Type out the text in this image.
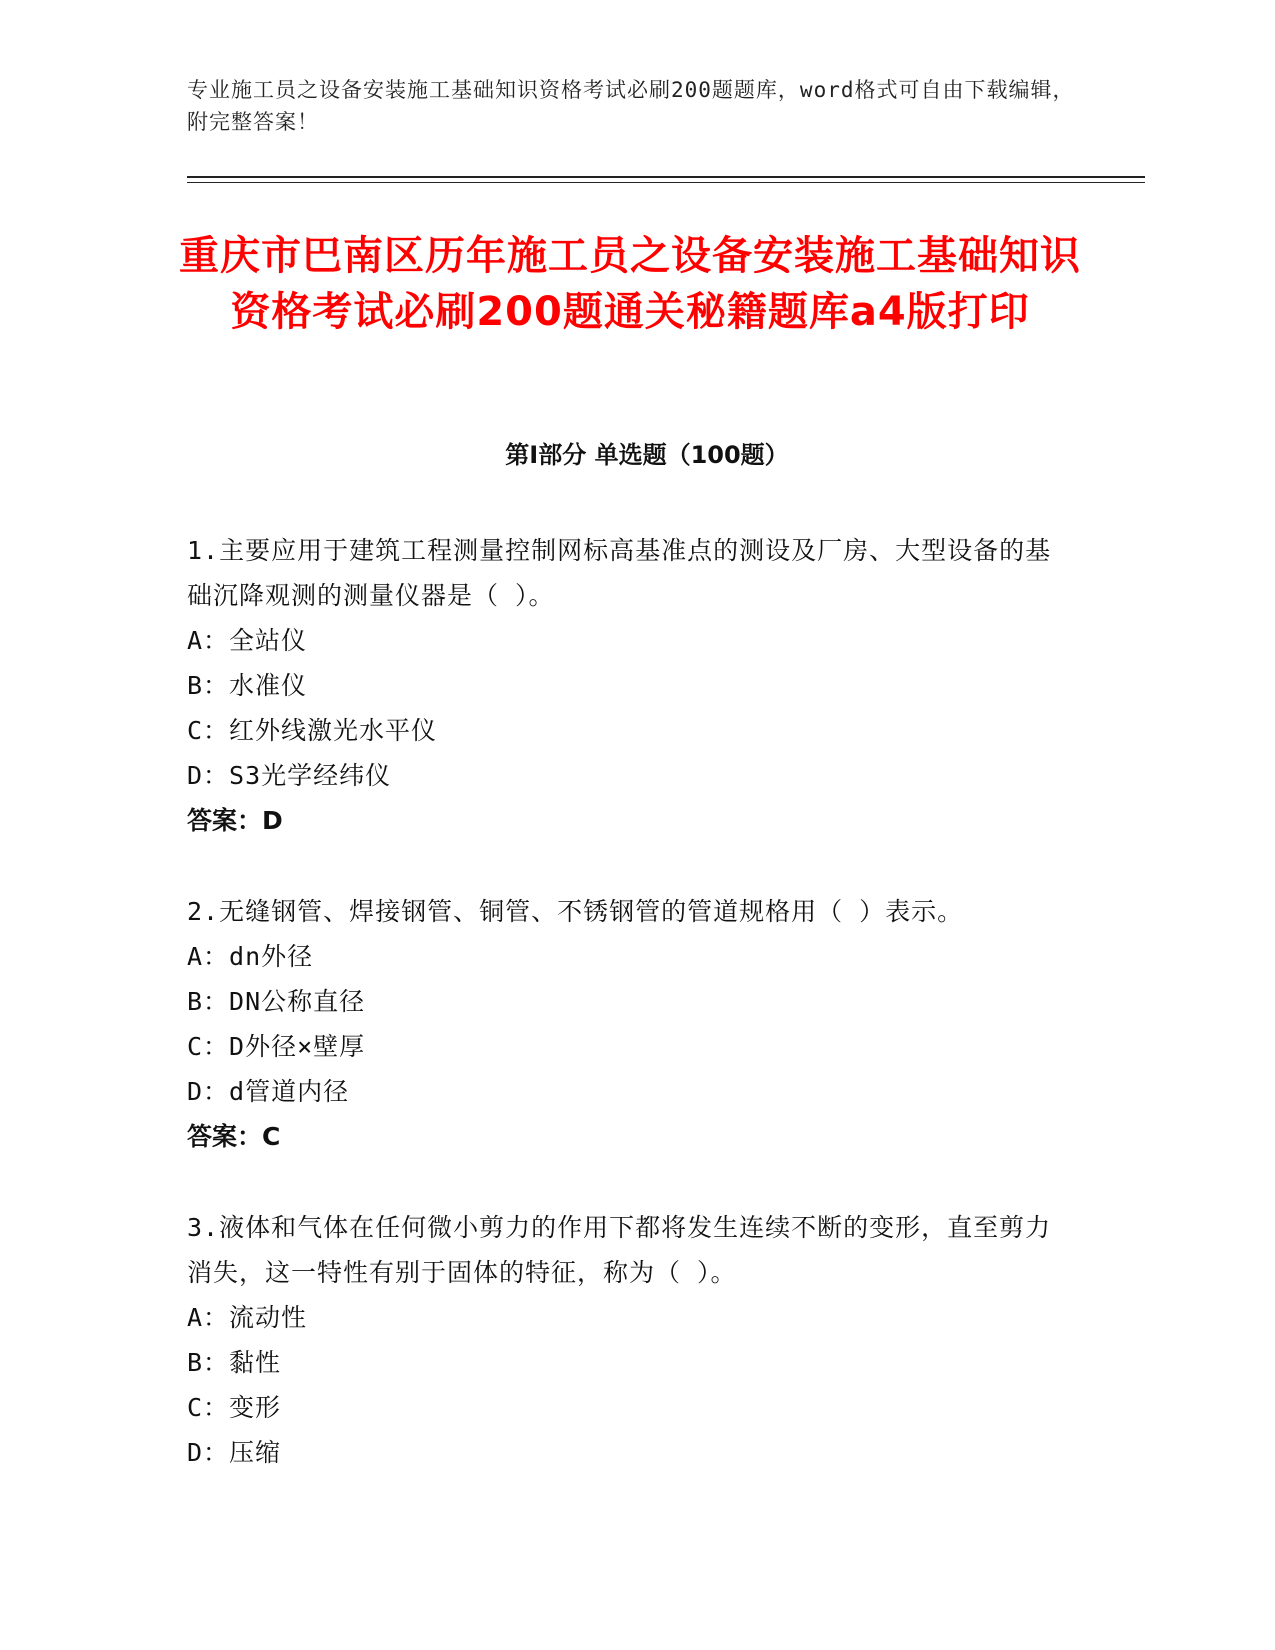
专业施工员之设备安装施工基础知识资格考试必刷200题题库，word格式可自由下载编辑，附完整答案！
重庆市巴南区历年施工员之设备安装施工基础知识资格考试必刷200题通关秘籍题库a4版打印
第I部分 单选题（100题）

1.主要应用于建筑工程测量控制网标高基准点的测设及厂房、大型设备的基础沉降观测的测量仪器是（ ）。

A：全站仪

B：水准仪

C：红外线激光水平仪

D：S3光学经纬仪

答案：D

2.无缝钢管、焊接钢管、铜管、不锈钢管的管道规格用（ ）表示。

A：dn外径

B：DN公称直径

C：D外径×壁厚

D：d管道内径

答案：C

3.液体和气体在任何微小剪力的作用下都将发生连续不断的变形，直至剪力消失，这一特性有别于固体的特征，称为（ ）。

A：流动性

B：黏性

C：变形

D：压缩
